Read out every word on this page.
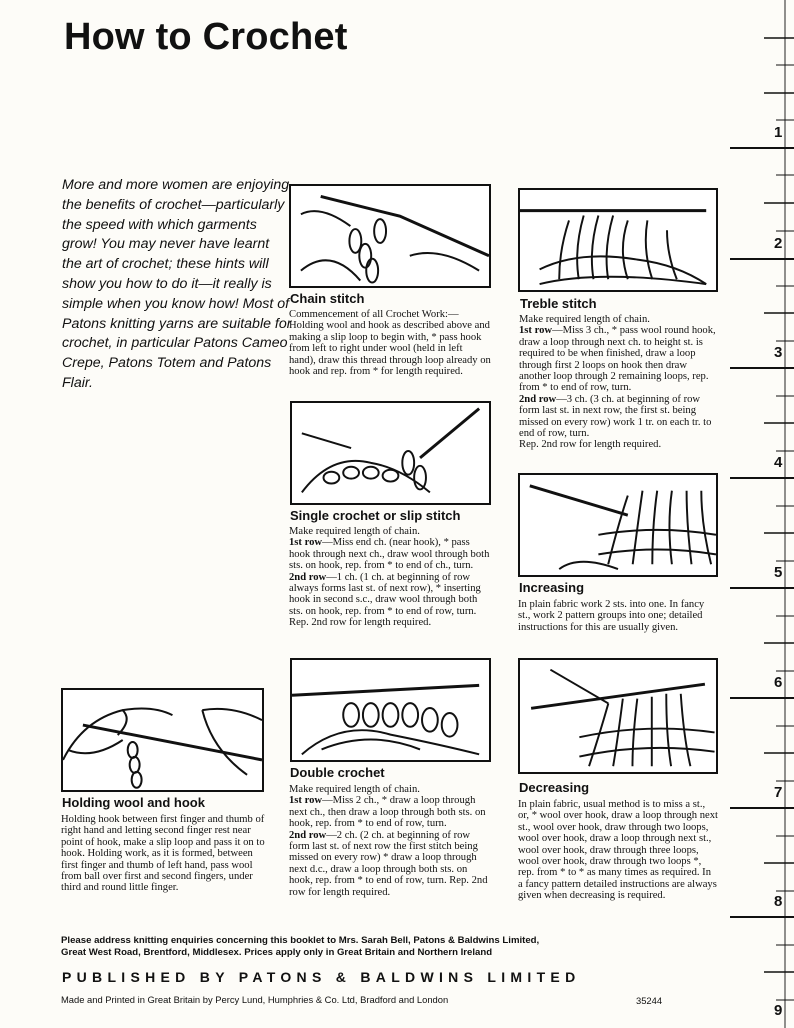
How to Crochet

More and more women are enjoying the benefits of crochet—particularly the speed with which garments grow! You may never have learnt the art of crochet; these hints will show you how to do it—it really is simple when you know how! Most of Patons knitting yarns are suitable for crochet, in particular Patons Cameo Crepe, Patons Totem and Patons Flair.

Chain stitch

Commencement of all Crochet Work:—Holding wool and hook as described above and making a slip loop to begin with, * pass hook from left to right under wool (held in left hand), draw this thread through loop already on hook and rep. from * for length required.

Single crochet or slip stitch

Make required length of chain.
1st row—Miss end ch. (near hook), * pass hook through next ch., draw wool through both sts. on hook, rep. from * to end of ch., turn.
2nd row—1 ch. (1 ch. at beginning of row always forms last st. of next row), * inserting hook in second s.c., draw wool through both sts. on hook, rep. from * to end of row, turn.
Rep. 2nd row for length required.

Double crochet

Make required length of chain.
1st row—Miss 2 ch., * draw a loop through next ch., then draw a loop through both sts. on hook, rep. from * to end of row, turn.
2nd row—2 ch. (2 ch. at beginning of row form last st. of next row the first stitch being missed on every row) * draw a loop through next d.c., draw a loop through both sts. on hook, rep. from * to end of row, turn. Rep. 2nd row for length required.

Holding wool and hook

Holding hook between first finger and thumb of right hand and letting second finger rest near point of hook, make a slip loop and pass it on to hook. Holding work, as it is formed, between first finger and thumb of left hand, pass wool from ball over first and second fingers, under third and round little finger.

Treble stitch

Make required length of chain.
1st row—Miss 3 ch., * pass wool round hook, draw a loop through next ch. to height st. is required to be when finished, draw a loop through first 2 loops on hook then draw another loop through 2 remaining loops, rep. from * to end of row, turn.
2nd row—3 ch. (3 ch. at beginning of row form last st. in next row, the first st. being missed on every row) work 1 tr. on each tr. to end of row, turn.
Rep. 2nd row for length required.

Increasing

In plain fabric work 2 sts. into one. In fancy st., work 2 pattern groups into one; detailed instructions for this are usually given.

Decreasing

In plain fabric, usual method is to miss a st., or, * wool over hook, draw a loop through next st., wool over hook, draw through two loops, wool over hook, draw a loop through next st., wool over hook, draw through three loops, wool over hook, draw through two loops *, rep. from * to * as many times as required. In a fancy pattern detailed instructions are always given when decreasing is required.

Please address knitting enquiries concerning this booklet to Mrs. Sarah Bell, Patons & Baldwins Limited,
Great West Road, Brentford, Middlesex. Prices apply only in Great Britain and Northern Ireland

PUBLISHED BY PATONS & BALDWINS LIMITED

Made and Printed in Great Britain by Percy Lund, Humphries & Co. Ltd, Bradford and London	35244

1
2
3
4
5
6
7
8
9
